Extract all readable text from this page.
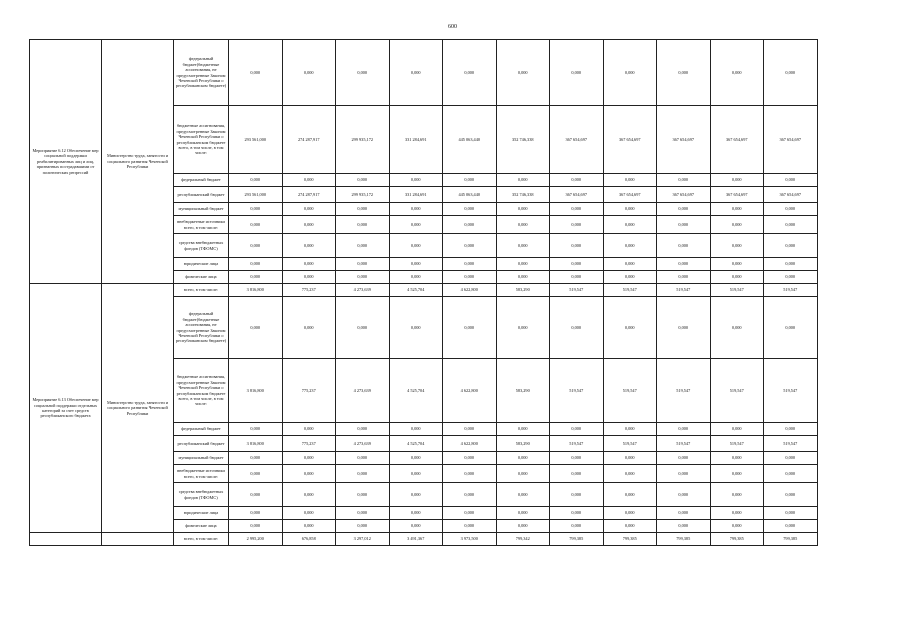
600
Мероприятие 6.12 Обеспечение мер социальной поддержки реабилитированных лиц и лиц, признанных пострадавшими от политических репрессий	Министерство труда, занятости и социального развития Чеченской Республики	федеральный бюджет(бюджетные ассигнования, не предусмотренные Законом Чеченской Республики о республиканском бюджете)	0,000	0,000	0,000	0,000	0,000	0,000	0,000	0,000	0,000	0,000	0,000
		бюджетные ассигнования, предусмотренные Законом Чеченской Республики о республиканском бюджете всего, в том числе, в том числе:	293 561,000	274 287,917	299 935,172	331 284,691	445 063,440	352 746,338	367 654,697	367 654,697	367 654,697	367 654,697	367 654,697
		федеральный бюджет	0,000	0,000	0,000	0,000	0,000	0,000	0,000	0,000	0,000	0,000	0,000
		республиканский бюджет	293 561,000	274 287,917	299 935,172	331 284,691	445 063,440	352 746,338	367 654,697	367 654,697	367 654,697	367 654,697	367 654,697
		муниципальный бюджет	0,000	0,000	0,000	0,000	0,000	0,000	0,000	0,000	0,000	0,000	0,000
		внебюджетные источники всего, в том числе:	0,000	0,000	0,000	0,000	0,000	0,000	0,000	0,000	0,000	0,000	0,000
		средства внебюджетных фондов (ТФОМС)	0,000	0,000	0,000	0,000	0,000	0,000	0,000	0,000	0,000	0,000	0,000
		юридические лица	0,000	0,000	0,000	0,000	0,000	0,000	0,000	0,000	0,000	0,000	0,000
		физические лица	0,000	0,000	0,000	0,000	0,000	0,000	0,000	0,000	0,000	0,000	0,000
Мероприятие 6.13 Обеспечение мер социальной поддержки отдельных категорий за счет средств республиканского бюджета	Министерство труда, занятости и социального развития Чеченской Республики	всего, в том числе:	3 816,800	775,237	4 273,639	4 525,704	4 622,800	583,290	519,547	519,547	519,547	519,547	519,547
		федеральный бюджет(бюджетные ассигнования, не предусмотренные Законом Чеченской Республики о республиканском бюджете)	0,000	0,000	0,000	0,000	0,000	0,000	0,000	0,000	0,000	0,000	0,000
		бюджетные ассигнования, предусмотренные Законом Чеченской Республики о республиканском бюджете всего, в том числе, в том числе:	3 816,800	775,237	4 273,639	4 525,704	4 622,800	583,290	519,547	519,547	519,547	519,547	519,547
		федеральный бюджет	0,000	0,000	0,000	0,000	0,000	0,000	0,000	0,000	0,000	0,000	0,000
		республиканский бюджет	3 816,800	775,237	4 273,639	4 525,704	4 622,800	583,290	519,547	519,547	519,547	519,547	519,547
		муниципальный бюджет	0,000	0,000	0,000	0,000	0,000	0,000	0,000	0,000	0,000	0,000	0,000
		внебюджетные источники всего, в том числе:	0,000	0,000	0,000	0,000	0,000	0,000	0,000	0,000	0,000	0,000	0,000
		средства внебюджетных фондов (ТФОМС)	0,000	0,000	0,000	0,000	0,000	0,000	0,000	0,000	0,000	0,000	0,000
		юридические лица	0,000	0,000	0,000	0,000	0,000	0,000	0,000	0,000	0,000	0,000	0,000
		физические лица	0,000	0,000	0,000	0,000	0,000	0,000	0,000	0,000	0,000	0,000	0,000
		всего, в том числе:	2 995,200	676,858	3 297,012	3 491,367	3 973,500	799,342	799,385	799,385	799,385	799,385	799,385
